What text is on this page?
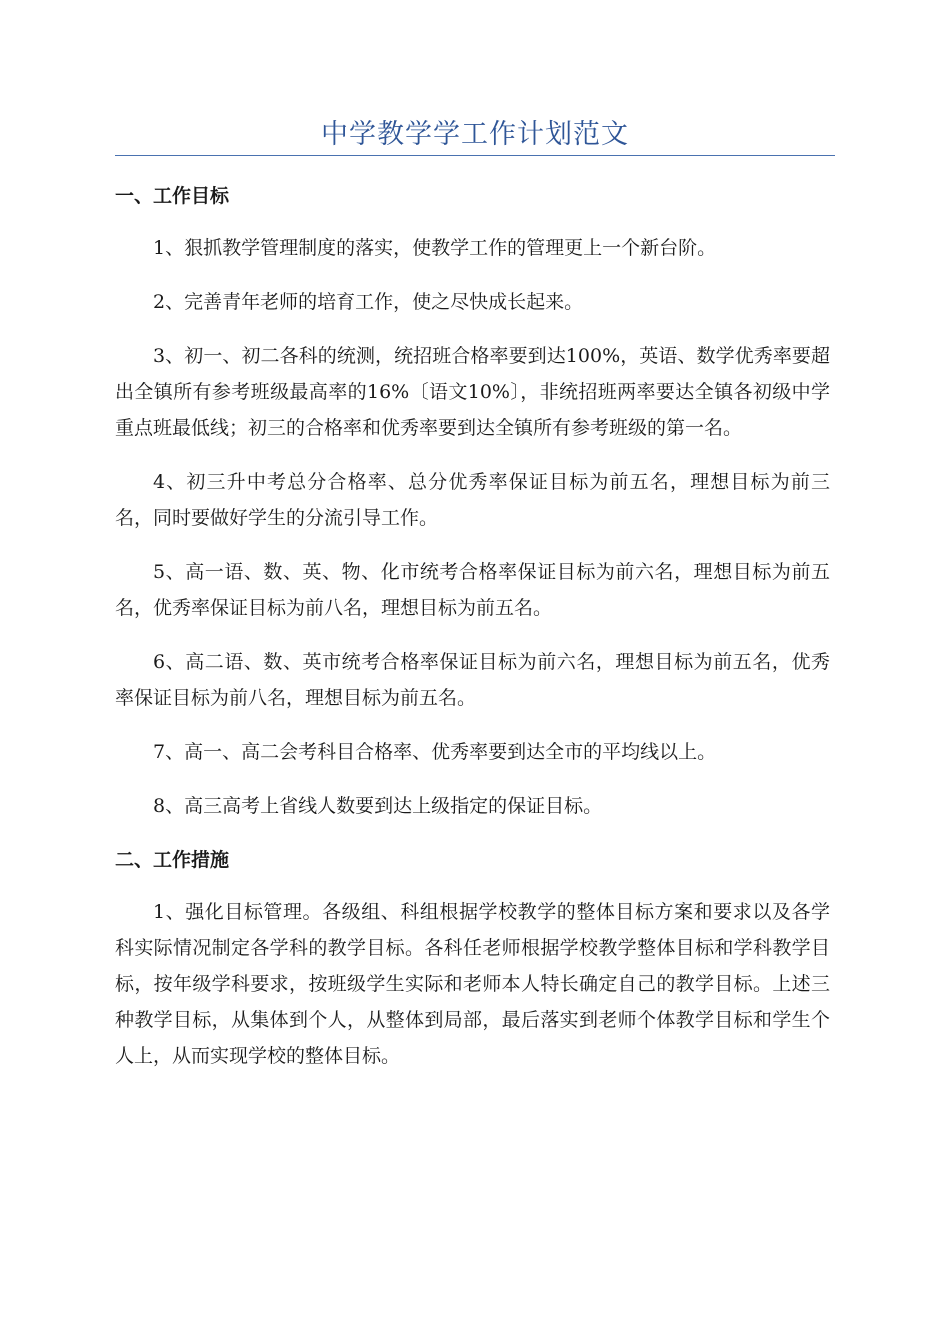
中学教学学工作计划范文
一、工作目标

1、狠抓教学管理制度的落实，使教学工作的管理更上一个新台阶。

2、完善青年老师的培育工作，使之尽快成长起来。

3、初一、初二各科的统测，统招班合格率要到达100%，英语、数学优秀率要超出全镇所有参考班级最高率的16%〔语文10%〕，非统招班两率要达全镇各初级中学重点班最低线；初三的合格率和优秀率要到达全镇所有参考班级的第一名。

4、初三升中考总分合格率、总分优秀率保证目标为前五名，理想目标为前三名，同时要做好学生的分流引导工作。

5、高一语、数、英、物、化市统考合格率保证目标为前六名，理想目标为前五名，优秀率保证目标为前八名，理想目标为前五名。

6、高二语、数、英市统考合格率保证目标为前六名，理想目标为前五名，优秀率保证目标为前八名，理想目标为前五名。

7、高一、高二会考科目合格率、优秀率要到达全市的平均线以上。

8、高三高考上省线人数要到达上级指定的保证目标。

二、工作措施

1、强化目标管理。各级组、科组根据学校教学的整体目标方案和要求以及各学科实际情况制定各学科的教学目标。各科任老师根据学校教学整体目标和学科教学目标，按年级学科要求，按班级学生实际和老师本人特长确定自己的教学目标。上述三种教学目标，从集体到个人，从整体到局部，最后落实到老师个体教学目标和学生个人上，从而实现学校的整体目标。
